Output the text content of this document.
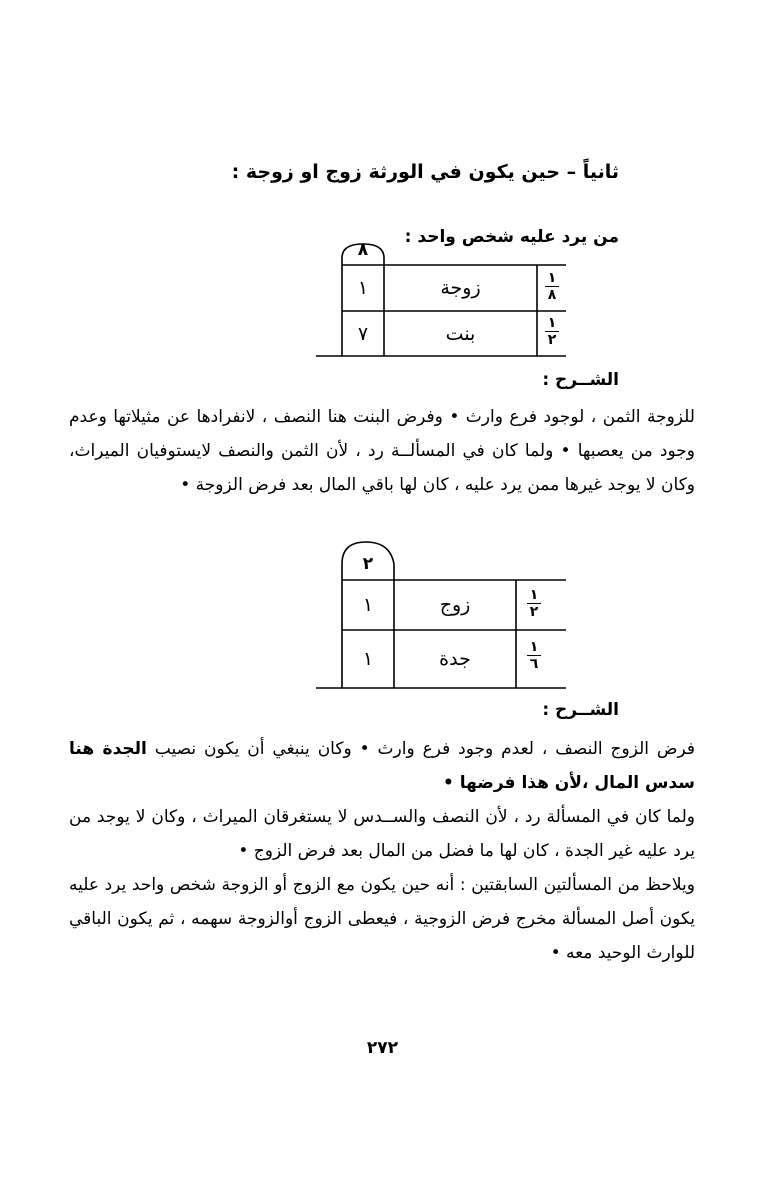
ثانياً – حين يكون في الورثة زوج او زوجة :
من يرد عليه شخص واحد :
٨
١
٨
زوجة
١
١
٢
بنت
٧
الشــرح :
للزوجة الثمن ، لوجود فرع وارث • وفرض البنت هنا النصف ، لانفرادها عن مثيلاتها وعدم وجود من يعصبها • ولما كان في المسألــة رد ، لأن الثمن والنصف لايستوفيان الميراث، وكان لا يوجد غيرها ممن يرد عليه ، كان لها باقي المال بعد فرض الزوجة •
٢
١
٢
زوج
١
١
٦
جدة
١
الشــرح :
فرض الزوج النصف ، لعدم وجود فرع وارث • وكان ينبغي أن يكون نصيب الجدة هنا سدس المال ،لأن هذا فرضها •
ولما كان في المسألة رد ، لأن النصف والســدس لا يستغرقان الميراث ، وكان لا يوجد من يرد عليه غير الجدة ، كان لها ما فضل من المال بعد فرض الزوج •
ويلاحظ من المسألتين السابقتين : أنه حين يكون مع الزوج أو الزوجة شخص واحد يرد عليه يكون أصل المسألة مخرج فرض الزوجية ، فيعطى الزوج أوالزوجة سهمه ، ثم يكون الباقي للوارث الوحيد معه •
٢٧٢
